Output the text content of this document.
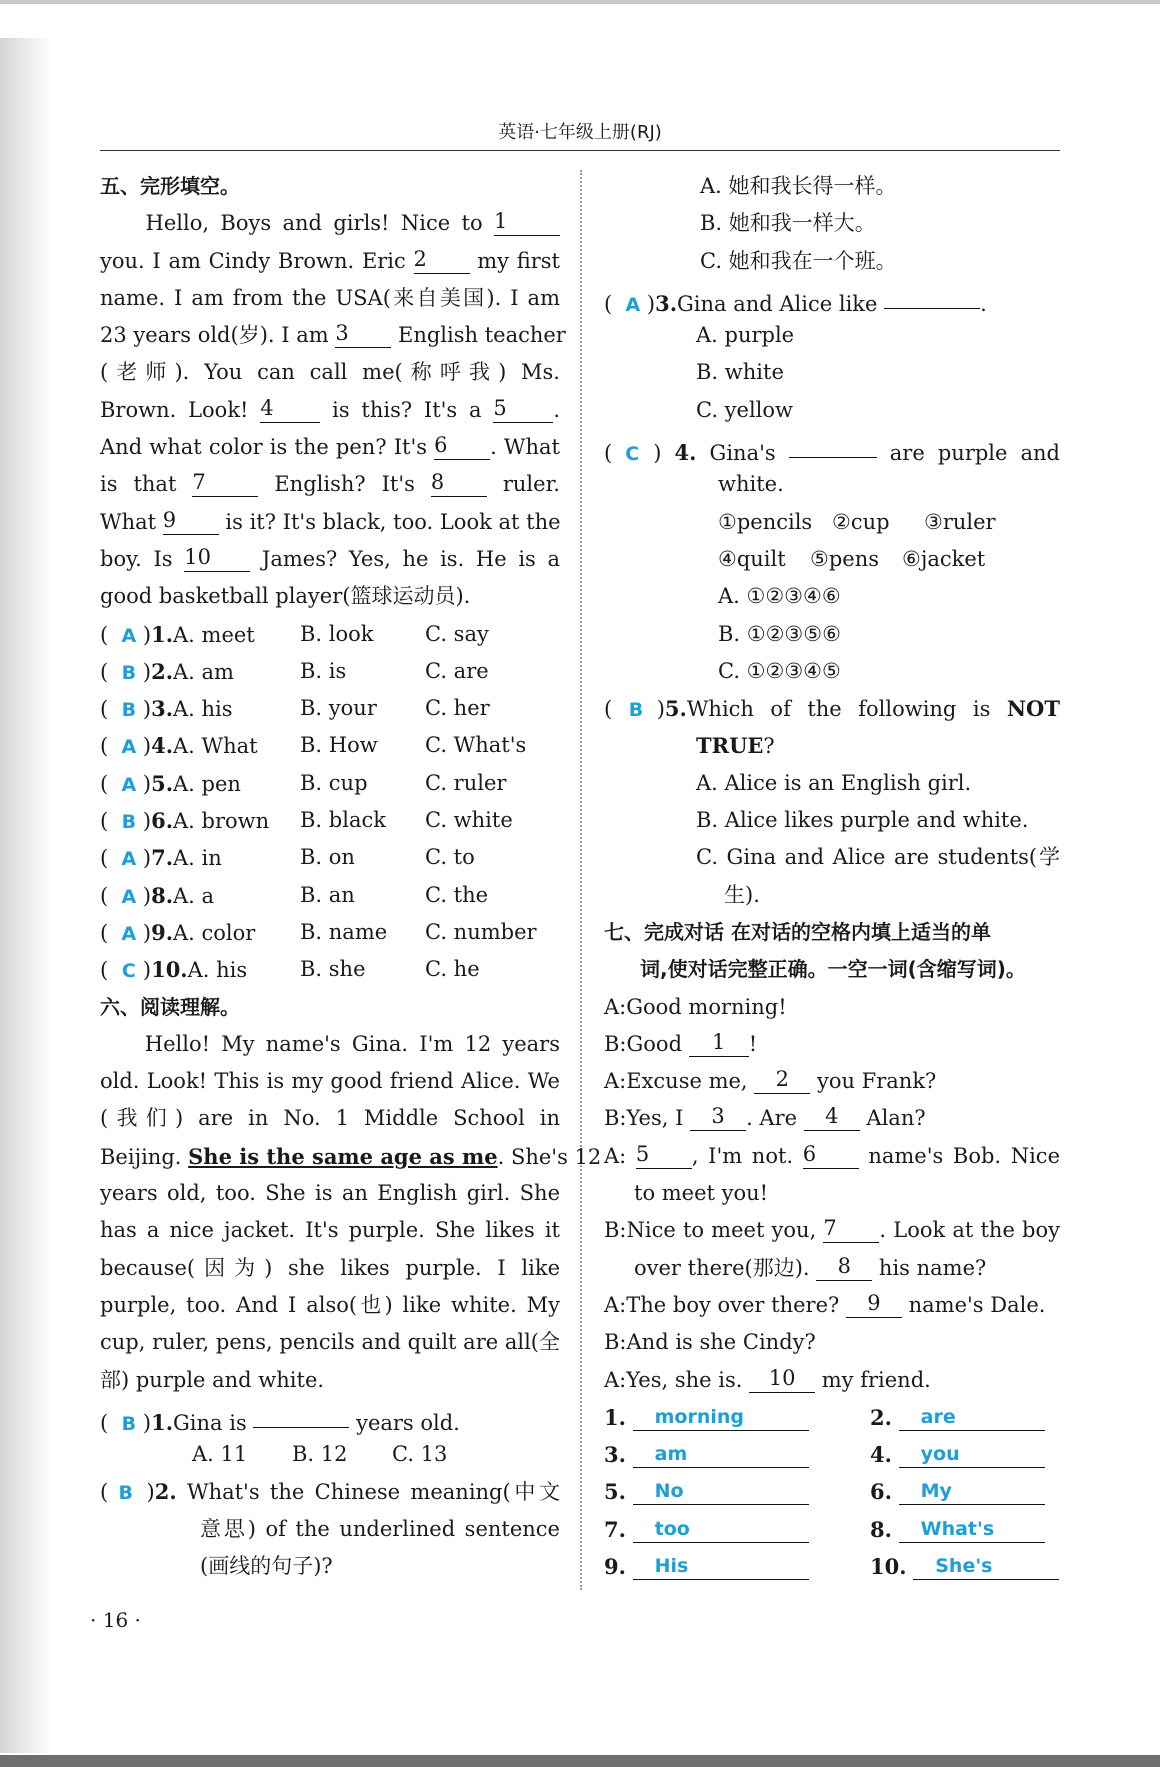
英语·七年级上册(RJ)
五、完形填空。
Hello, Boys and girls! Nice to 1
you. I am Cindy Brown. Eric 2 my first
name. I am from the USA(来自美国). I am
23 years old(岁). I am 3 English teacher
(老师). You can call me(称呼我) Ms.
Brown. Look! 4 is this? It's a 5 .
And what color is the pen? It's 6 . What
is that 7	English? It's 8 ruler.
What 9 is it? It's black, too. Look at the
boy. Is 10 James? Yes, he is. He is a
good basketball player(篮球运动员).
( A )1.A. meet B. look C. say
( B )2.A. am	B. is	C. are
( B )3.A. his	B. your C. her
( A )4.A. What B. How C. What's
( A )5.A. pen	B. cup	C. ruler
( B )6.A. brown B. black C. white
( A )7.A. in	B. on	C. to
( A )8.A. a	B. an	C. the
( A )9.A. color B. name C. number
( C )10.A. his	B. she	C. he
六、阅读理解。
Hello! My name's Gina. I'm 12 years
old. Look! This is my good friend Alice. We
(我们) are in No. 1 Middle School in
Beijing. She is the same age as me. She's 12
years old, too. She is an English girl. She
has a nice jacket. It's purple. She likes it
because(因为) she likes purple. I like
purple, too. And I also(也) like white. My
cup, ruler, pens, pencils and quilt are all(全
部) purple and white.
( B )1.Gina is	years old.
A. 11 B. 12 C. 13
( B )2. What's the Chinese meaning(中文
意思) of the underlined sentence
(画线的句子)?
A. 她和我长得一样。
B. 她和我一样大。
C. 她和我在一个班。
( A )3.Gina and Alice like	.
A. purple
B. white
C. yellow
( C ) 4. Gina's	are purple and
white.
①pencils ②cup ③ruler
④quilt ⑤pens ⑥jacket
A. ①②③④⑥
B. ①②③⑤⑥
C. ①②③④⑤
( B )5.Which of the following is NOT
TRUE?
A. Alice is an English girl.
B. Alice likes purple and white.
C. Gina and Alice are students(学
生).
七、完成对话 在对话的空格内填上适当的单
词,使对话完整正确。一空一词(含缩写词)。
A:Good morning!
B:Good 1 !
A:Excuse me, 2 you Frank?
B:Yes, I 3 . Are 4 Alan?
A: 5 , I'm not. 6 name's Bob. Nice
to meet you!
B:Nice to meet you, 7 . Look at the boy
over there(那边). 8 his name?
A:The boy over there? 9 name's Dale.
B:And is she Cindy?
A:Yes, she is. 10 my friend.
1. morning	2. are
3. am	4. you
5. No	6. My
7. too	8. What's
9. His	10. She's
· 16 ·
